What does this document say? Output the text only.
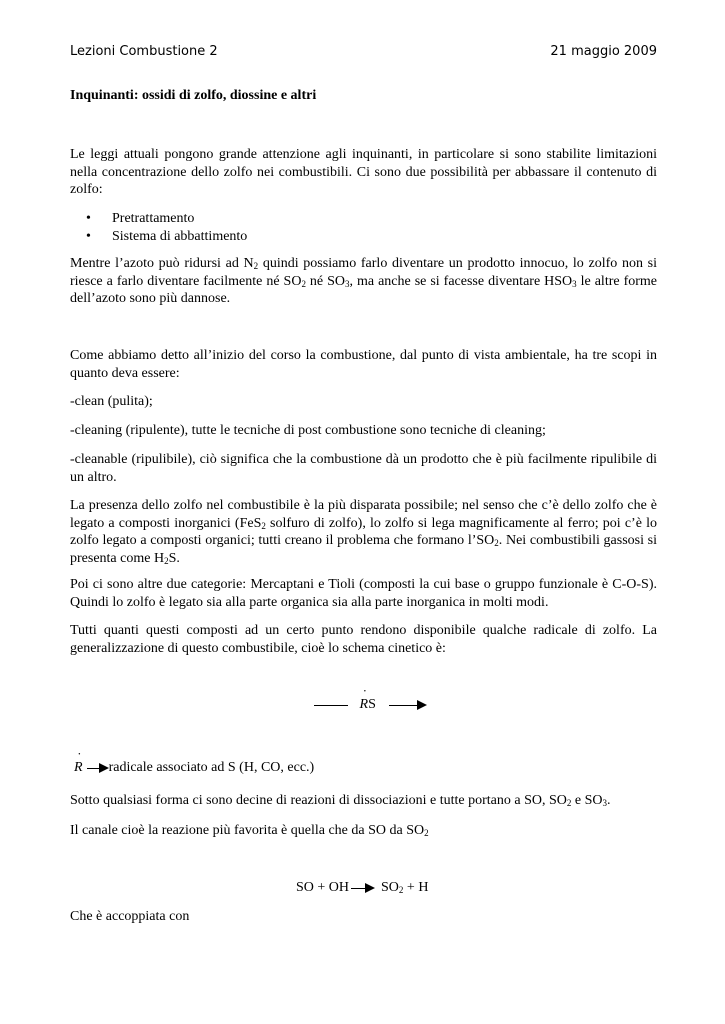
Lezioni Combustione 2	21 maggio 2009
Inquinanti: ossidi di zolfo, diossine e altri
Le leggi attuali pongono grande attenzione agli inquinanti, in particolare si sono stabilite limitazioni nella concentrazione dello zolfo nei combustibili. Ci sono due possibilità per abbassare il contenuto di zolfo:
• Pretrattamento
• Sistema di abbattimento
Mentre l’azoto può ridursi ad $N_2$ quindi possiamo farlo diventare un prodotto innocuo, lo zolfo non si riesce a farlo diventare facilmente né $SO_2$ né $SO_3$, ma anche se si facesse diventare $HSO_3$ le altre forme dell’azoto sono più dannose.
Come abbiamo detto all’inizio del corso la combustione, dal punto di vista ambientale, ha tre scopi in quanto deva essere:
-clean (pulita);
-cleaning (ripulente), tutte le tecniche di post combustione sono tecniche di cleaning;
-cleanable (ripulibile), ciò significa che la combustione dà un prodotto che è più facilmente ripulibile di un altro.
La presenza dello zolfo nel combustibile è la più disparata possibile; nel senso che c’è dello zolfo che è legato a composti inorganici (FeS$_2$ solfuro di zolfo), lo zolfo si lega magnificamente al ferro; poi c’è lo zolfo legato a composti organici; tutti creano il problema che formano $l’SO_2$. Nei combustibili gassosi si presenta come $H_2S$.
Poi ci sono altre due categorie: Mercaptani e Tioli (composti la cui base o gruppo funzionale è C-O-S). Quindi lo zolfo è legato sia alla parte organica sia alla parte inorganica in molti modi.
Tutti quanti questi composti ad un certo punto rendono disponibile qualche radicale di zolfo. La generalizzazione di questo combustibile, cioè lo schema cinetico è:
R ˙S
R ˙ radicale associato ad S (H, CO, ecc.)
Sotto qualsiasi forma ci sono decine di reazioni di dissociazioni e tutte portano a SO, $SO_2$ e $SO_3$.
Il canale cioè la reazione più favorita è quella che da SO da $SO_2$
SO + OH $SO_2 + H$
Che è accoppiata con
